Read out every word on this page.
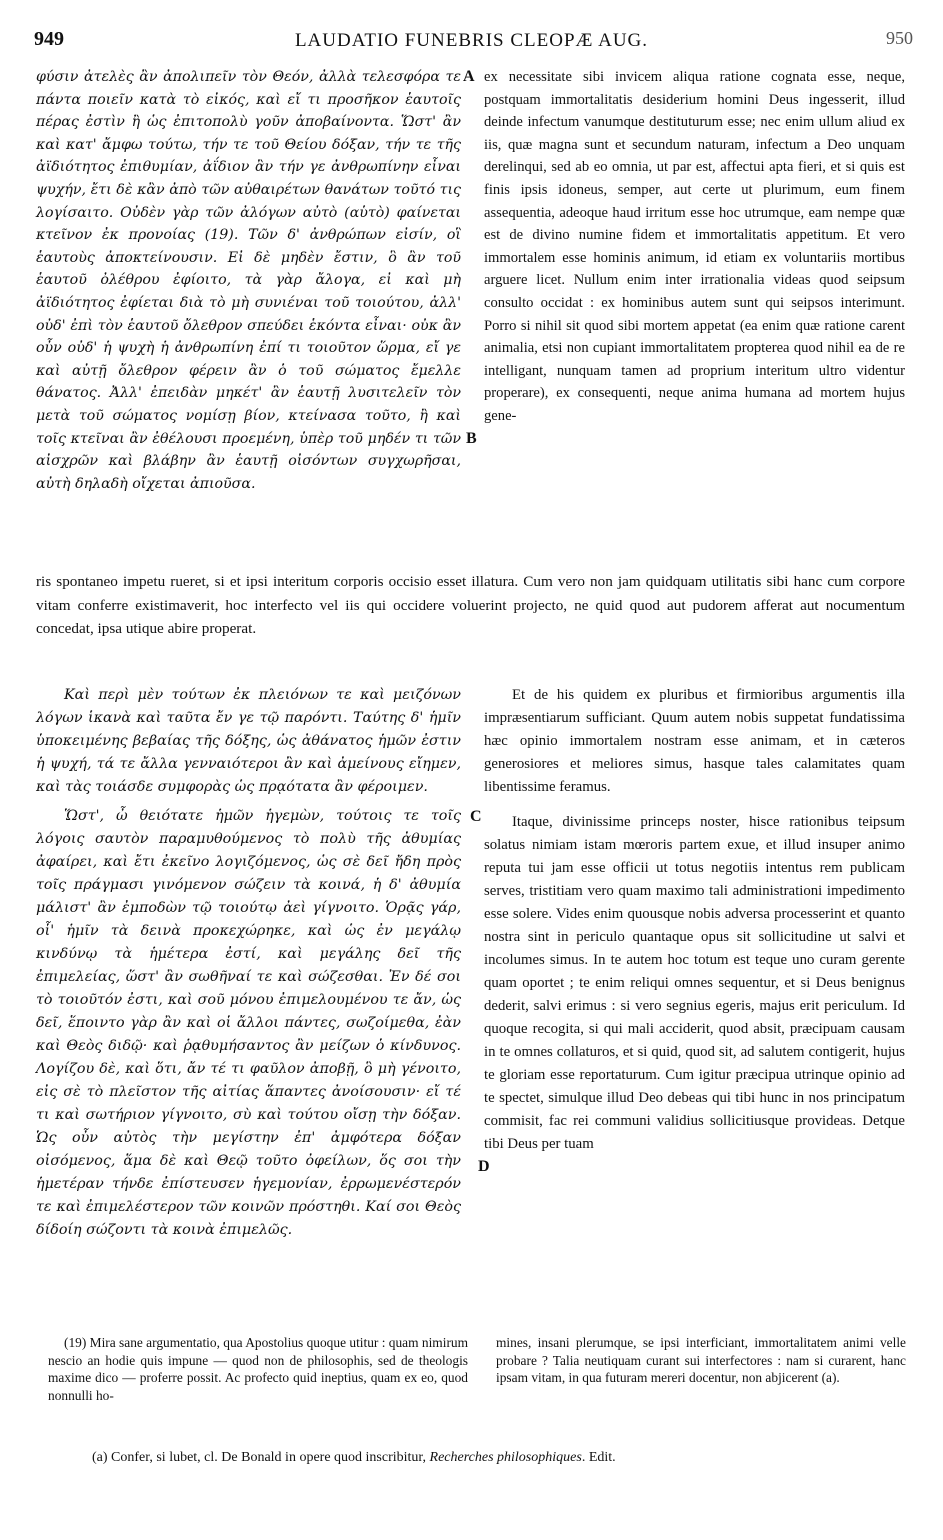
949	LAUDATIO FUNEBRIS CLEOPÆ AUG.	950

φύσιν ἀτελὲς ἂν ἀπολιπεῖν τὸν Θεόν, ἀλλὰ τελεσφόρα τε πάντα ποιεῖν κατὰ τὸ εἰκός, καὶ εἴ τι προσῆκον ἑαυτοῖς πέρας ἐστὶν ἢ ὡς ἐπιτοπολὺ γοῦν ἀποβαίνοντα. Ὥστ' ἂν καὶ κατ' ἄμφω τούτω, τήν τε τοῦ Θείου δόξαν, τήν τε τῆς ἀϊδιότητος ἐπιθυμίαν, ἀΐδιον ἂν τήν γε ἀνθρωπίνην εἶναι ψυχήν, ἔτι δὲ κἂν ἀπὸ τῶν αὐθαιρέτων θανάτων τοῦτό τις λογίσαιτο. Οὐδὲν γὰρ τῶν ἀλόγων αὐτὸ (αὑτὸ) φαίνεται κτεῖνον ἐκ προνοίας (19). Τῶν δ' ἀνθρώπων εἰσίν, οἳ ἑαυτοὺς ἀποκτείνουσιν. Εἰ δὲ μηδὲν ἔστιν, ὃ ἂν τοῦ ἑαυτοῦ ὀλέθρου ἐφίοιτο, τὰ γὰρ ἄλογα, εἰ καὶ μὴ ἀϊδιότητος ἐφίεται διὰ τὸ μὴ συνιέναι τοῦ τοιούτου, ἀλλ' οὐδ' ἐπὶ τὸν ἑαυτοῦ ὄλεθρον σπεύδει ἑκόντα εἶναι· οὐκ ἂν οὖν οὐδ' ἡ ψυχὴ ἡ ἀνθρωπίνη ἐπί τι τοιοῦτον ὥρμα, εἴ γε καὶ αὐτῇ ὄλεθρον φέρειν ἂν ὁ τοῦ σώματος ἔμελλε θάνατος. Ἀλλ' ἐπειδὰν μηκέτ' ἂν ἑαυτῇ λυσιτελεῖν τὸν μετὰ τοῦ σώματος νομίσῃ βίον, κτείνασα τοῦτο, ἢ καὶ τοῖς κτεῖναι ἂν ἐθέλουσι προεμένη, ὑπὲρ τοῦ μηδέν τι τῶν αἰσχρῶν καὶ βλάβην ἂν ἑαυτῇ οἰσόντων συγχωρῆσαι, αὐτὴ δηλαδὴ οἴχεται ἀπιοῦσα.

ex necessitate sibi invicem aliqua ratione cognata esse, neque, postquam immortalitatis desiderium homini Deus ingesserit, illud deinde infectum vanumque destituturum esse; nec enim ullum aliud ex iis, quæ magna sunt et secundum naturam, infectum a Deo unquam derelinqui, sed ab eo omnia, ut par est, affectui apta fieri, et si quis est finis ipsis idoneus, semper, aut certe ut plurimum, eum finem assequentia, adeoque haud irritum esse hoc utrumque, eam nempe quæ est de divino numine fidem et immortalitatis appetitum. Et vero immortalem esse hominis animum, id etiam ex voluntariis mortibus arguere licet. Nullum enim inter irrationalia videas quod seipsum consulto occidat : ex hominibus autem sunt qui seipsos interimunt. Porro si nihil sit quod sibi mortem appetat (ea enim quæ ratione carent animalia, etsi non cupiant immortalitatem propterea quod nihil ea de re intelligant, nunquam tamen ad proprium interitum ultro videntur properare), ex consequenti, neque anima humana ad mortem hujus gene-

A
B

ris spontaneo impetu rueret, si et ipsi interitum corporis occisio esset illatura. Cum vero non jam quidquam utilitatis sibi hanc cum corpore vitam conferre existimaverit, hoc interfecto vel iis qui occidere voluerint projecto, ne quid quod aut pudorem afferat aut nocumentum concedat, ipsa utique abire properat.

Καὶ περὶ μὲν τούτων ἐκ πλειόνων τε καὶ μειζόνων λόγων ἱκανὰ καὶ ταῦτα ἔν γε τῷ παρόντι. Ταύτης δ' ἡμῖν ὑποκειμένης βεβαίας τῆς δόξης, ὡς ἀθάνατος ἡμῶν ἐστιν ἡ ψυχή, τά τε ἄλλα γενναιότεροι ἂν καὶ ἀμείνους εἴημεν, καὶ τὰς τοιάσδε συμφορὰς ὡς πρᾳότατα ἂν φέροιμεν.

Ὥστ', ὦ θειότατε ἡμῶν ἡγεμὼν, τούτοις τε τοῖς λόγοις σαυτὸν παραμυθούμενος τὸ πολὺ τῆς ἀθυμίας ἀφαίρει, καὶ ἔτι ἐκεῖνο λογιζόμενος, ὡς σὲ δεῖ ἤδη πρὸς τοῖς πράγμασι γινόμενον σώζειν τὰ κοινά, ἡ δ' ἀθυμία μάλιστ' ἂν ἐμποδὼν τῷ τοιούτῳ ἀεὶ γίγνοιτο. Ὁρᾷς γάρ, οἷ' ἡμῖν τὰ δεινὰ προκεχώρηκε, καὶ ὡς ἐν μεγάλῳ κινδύνῳ τὰ ἡμέτερα ἐστί, καὶ μεγάλης δεῖ τῆς ἐπιμελείας, ὥστ' ἂν σωθῆναί τε καὶ σώζεσθαι. Ἐν δέ σοι τὸ τοιοῦτόν ἐστι, καὶ σοῦ μόνου ἐπιμελουμένου τε ἄν, ὡς δεῖ, ἕποιντο γὰρ ἂν καὶ οἱ ἄλλοι πάντες, σωζοίμεθα, ἐὰν καὶ Θεὸς διδῷ· καὶ ῥᾳθυμήσαντος ἂν μείζων ὁ κίνδυνος. Λογίζου δὲ, καὶ ὅτι, ἄν τέ τι φαῦλον ἀποβῇ, ὃ μὴ γένοιτο, εἰς σὲ τὸ πλεῖστον τῆς αἰτίας ἅπαντες ἀνοίσουσιν· εἴ τέ τι καὶ σωτήριον γίγνοιτο, σὺ καὶ τούτου οἴσῃ τὴν δόξαν. Ὡς οὖν αὐτὸς τὴν μεγίστην ἐπ' ἀμφότερα δόξαν οἰσόμενος, ἅμα δὲ καὶ Θεῷ τοῦτο ὀφείλων, ὅς σοι τὴν ἡμετέραν τήνδε ἐπίστευσεν ἡγεμονίαν, ἐρρωμενέστερόν τε καὶ ἐπιμελέστερον τῶν κοινῶν πρόστηθι. Καί σοι Θεὸς δίδοίη σώζοντι τὰ κοινὰ ἐπιμελῶς.

Et de his quidem ex pluribus et firmioribus argumentis illa impræsentiarum sufficiant. Quum autem nobis suppetat fundatissima hæc opinio immortalem nostram esse animam, et in cæteros generosiores et meliores simus, hasque tales calamitates quam libentissime feramus.

Itaque, divinissime princeps noster, hisce rationibus teipsum solatus nimiam istam mœroris partem exue, et illud insuper animo reputa tui jam esse officii ut totus negotiis intentus rem publicam serves, tristitiam vero quam maximo tali administrationi impedimento esse solere. Vides enim quousque nobis adversa processerint et quanto nostra sint in periculo quantaque opus sit sollicitudine ut salvi et incolumes simus. In te autem hoc totum est teque uno curam gerente quam oportet ; te enim reliqui omnes sequentur, et si Deus benignus dederit, salvi erimus : si vero segnius egeris, majus erit periculum. Id quoque recogita, si qui mali acciderit, quod absit, præcipuam causam in te omnes collaturos, et si quid, quod sit, ad salutem contigerit, hujus te gloriam esse reportaturum. Cum igitur præcipua utrinque opinio ad te spectet, simulque illud Deo debeas qui tibi hunc in nos principatum commisit, fac rei communi validius sollicitiusque provideas. Detque tibi Deus per tuam

C
D

(19) Mira sane argumentatio, qua Apostolius quoque utitur : quam nimirum nescio an hodie quis impune — quod non de philosophis, sed de theologis maxime dico — proferre possit. Ac profecto quid ineptius, quam ex eo, quod nonnulli ho-

mines, insani plerumque, se ipsi interficiant, immortalitatem animi velle probare ? Talia neutiquam curant sui interfectores : nam si curarent, hanc ipsam vitam, in qua futuram mereri docentur, non abjicerent (a).

(a) Confer, si lubet, cl. De Bonald in opere quod inscribitur, Recherches philosophiques. Edit.
